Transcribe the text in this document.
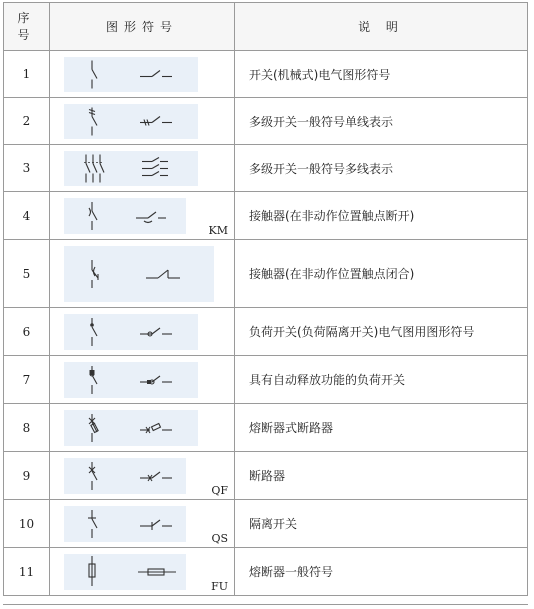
序
号	图形符号	说 明
1		开关(机械式)电气图形符号
2		多级开关一般符号单线表示
3		多级开关一般符号多线表示
4	KM	接触器(在非动作位置触点断开)
5		接触器(在非动作位置触点闭合)
6		负荷开关(负荷隔离开关)电气图用图形符号
7		具有自动释放功能的负荷开关
8		熔断器式断路器
9	QF	断路器
10	QS	隔离开关
11	FU	熔断器一般符号
